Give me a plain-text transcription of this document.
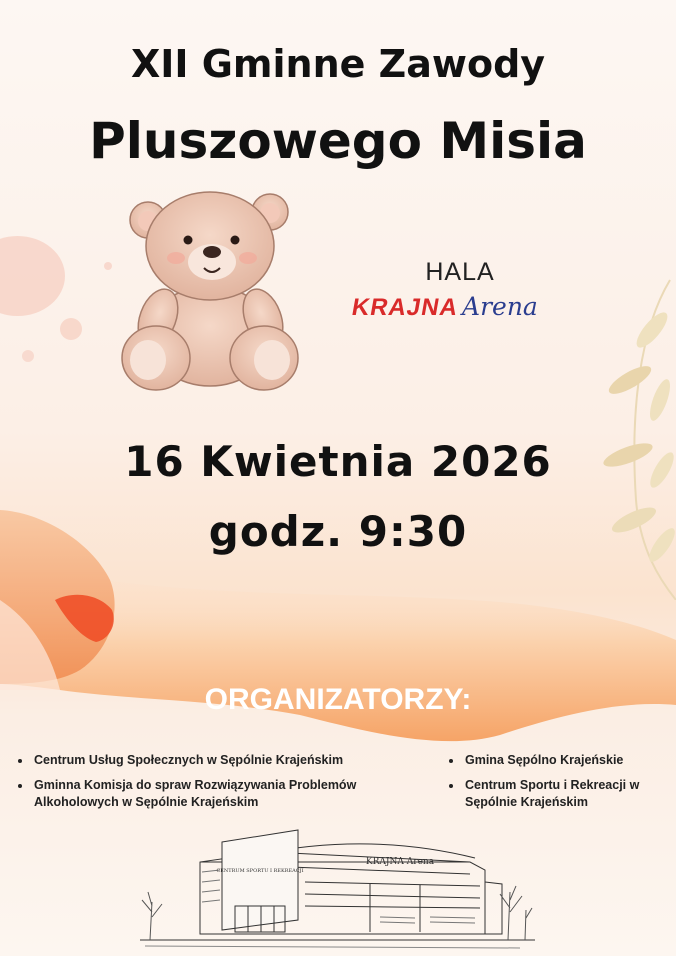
XII Gminne Zawody
Pluszowego Misia
HALA
KRAJNAArena
16 Kwietnia 2026
godz. 9:30
ORGANIZATORZY:
• Centrum Usług Społecznych w Sępólnie Krajeńskim
• Gminna Komisja do spraw Rozwiązywania Problemów Alkoholowych w Sępólnie Krajeńskim
• Gmina Sępólno Krajeńskie
• Centrum Sportu i Rekreacji w Sępólnie Krajeńskim
CENTRUM SPORTU I REKREACJI
KRAJNA Arena
